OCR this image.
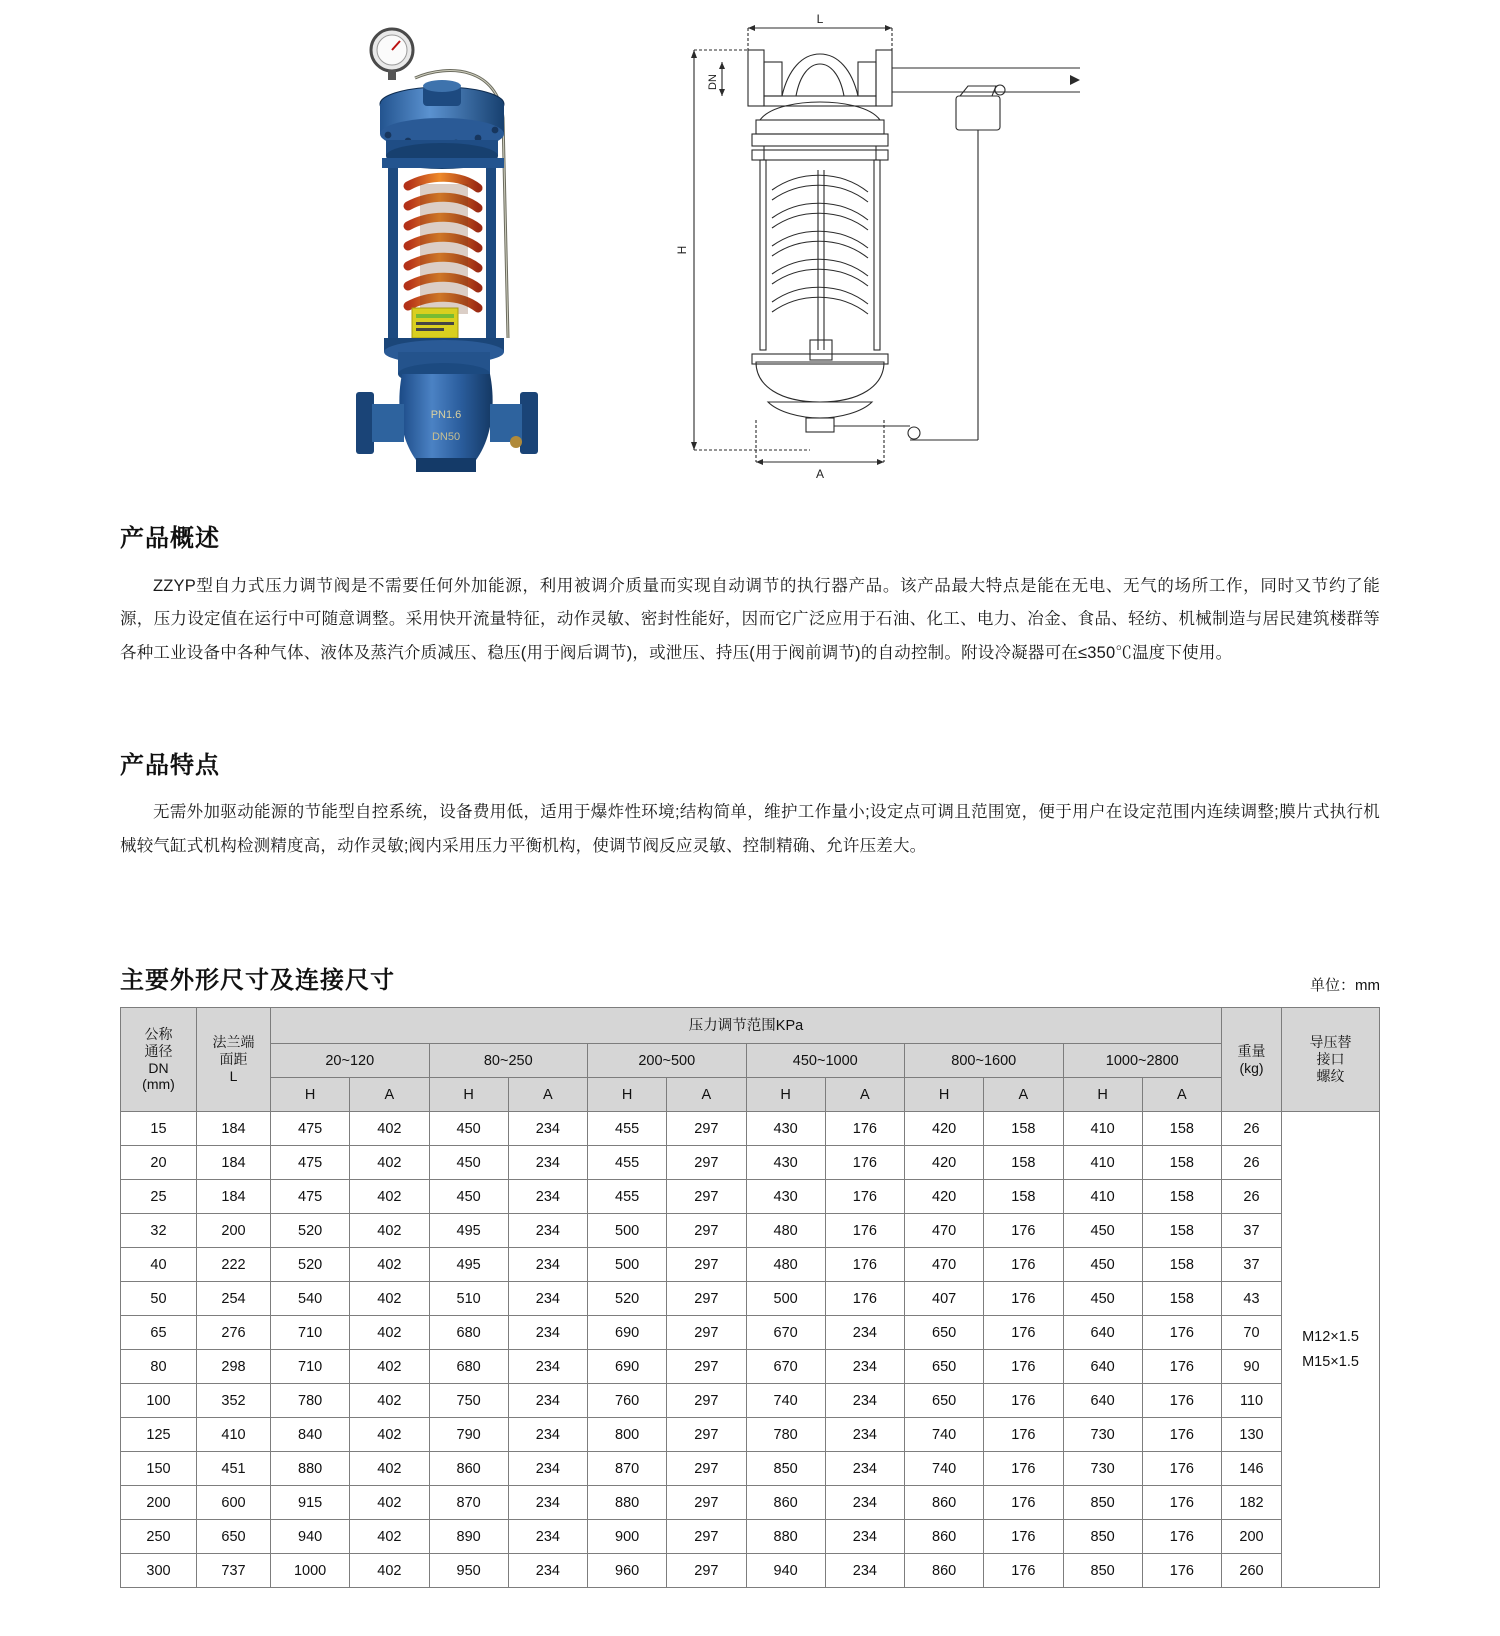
PN1.6
DN50
L
DN
A
H
产品概述

ZZYP型自力式压力调节阀是不需要任何外加能源，利用被调介质量而实现自动调节的执行器产品。该产品最大特点是能在无电、无气的场所工作，同时又节约了能源，压力设定值在运行中可随意调整。采用快开流量特征，动作灵敏、密封性能好，因而它广泛应用于石油、化工、电力、冶金、食品、轻纺、机械制造与居民建筑楼群等各种工业设备中各种气体、液体及蒸汽介质减压、稳压(用于阀后调节)，或泄压、持压(用于阀前调节)的自动控制。附设冷凝器可在≤350℃温度下使用。

产品特点

无需外加驱动能源的节能型自控系统，设备费用低，适用于爆炸性环境;结构简单，维护工作量小;设定点可调且范围宽，便于用户在设定范围内连续调整;膜片式执行机械较气缸式机构检测精度高，动作灵敏;阀内采用压力平衡机构，使调节阀反应灵敏、控制精确、允许压差大。

主要外形尺寸及连接尺寸	单位：mm
公称
通径
DN
(mm)

法兰端
面距
L
	压力调节范围KPa	
重量
(kg)

导压替
接口
螺纹

		20~120		80~250		200~500		450~1000		800~1600		1000~2800			
		H	A	H	A	H	A	H	A	H	A	H	A		
15	184	475	402	450	234	455	297	430	176	420	158	410	158	26	M12×1.5
M15×1.5

20	184	475	402	450	234	455	297	430	176	420	158	410	158	26	
25	184	475	402	450	234	455	297	430	176	420	158	410	158	26	
32	200	520	402	495	234	500	297	480	176	470	176	450	158	37	
40	222	520	402	495	234	500	297	480	176	470	176	450	158	37	
50	254	540	402	510	234	520	297	500	176	407	176	450	158	43	
65	276	710	402	680	234	690	297	670	234	650	176	640	176	70	
80	298	710	402	680	234	690	297	670	234	650	176	640	176	90	
100	352	780	402	750	234	760	297	740	234	650	176	640	176	110	
125	410	840	402	790	234	800	297	780	234	740	176	730	176	130	
150	451	880	402	860	234	870	297	850	234	740	176	730	176	146	
200	600	915	402	870	234	880	297	860	234	860	176	850	176	182	
250	650	940	402	890	234	900	297	880	234	860	176	850	176	200	
300	737	1000	402	950	234	960	297	940	234	860	176	850	176	260	
